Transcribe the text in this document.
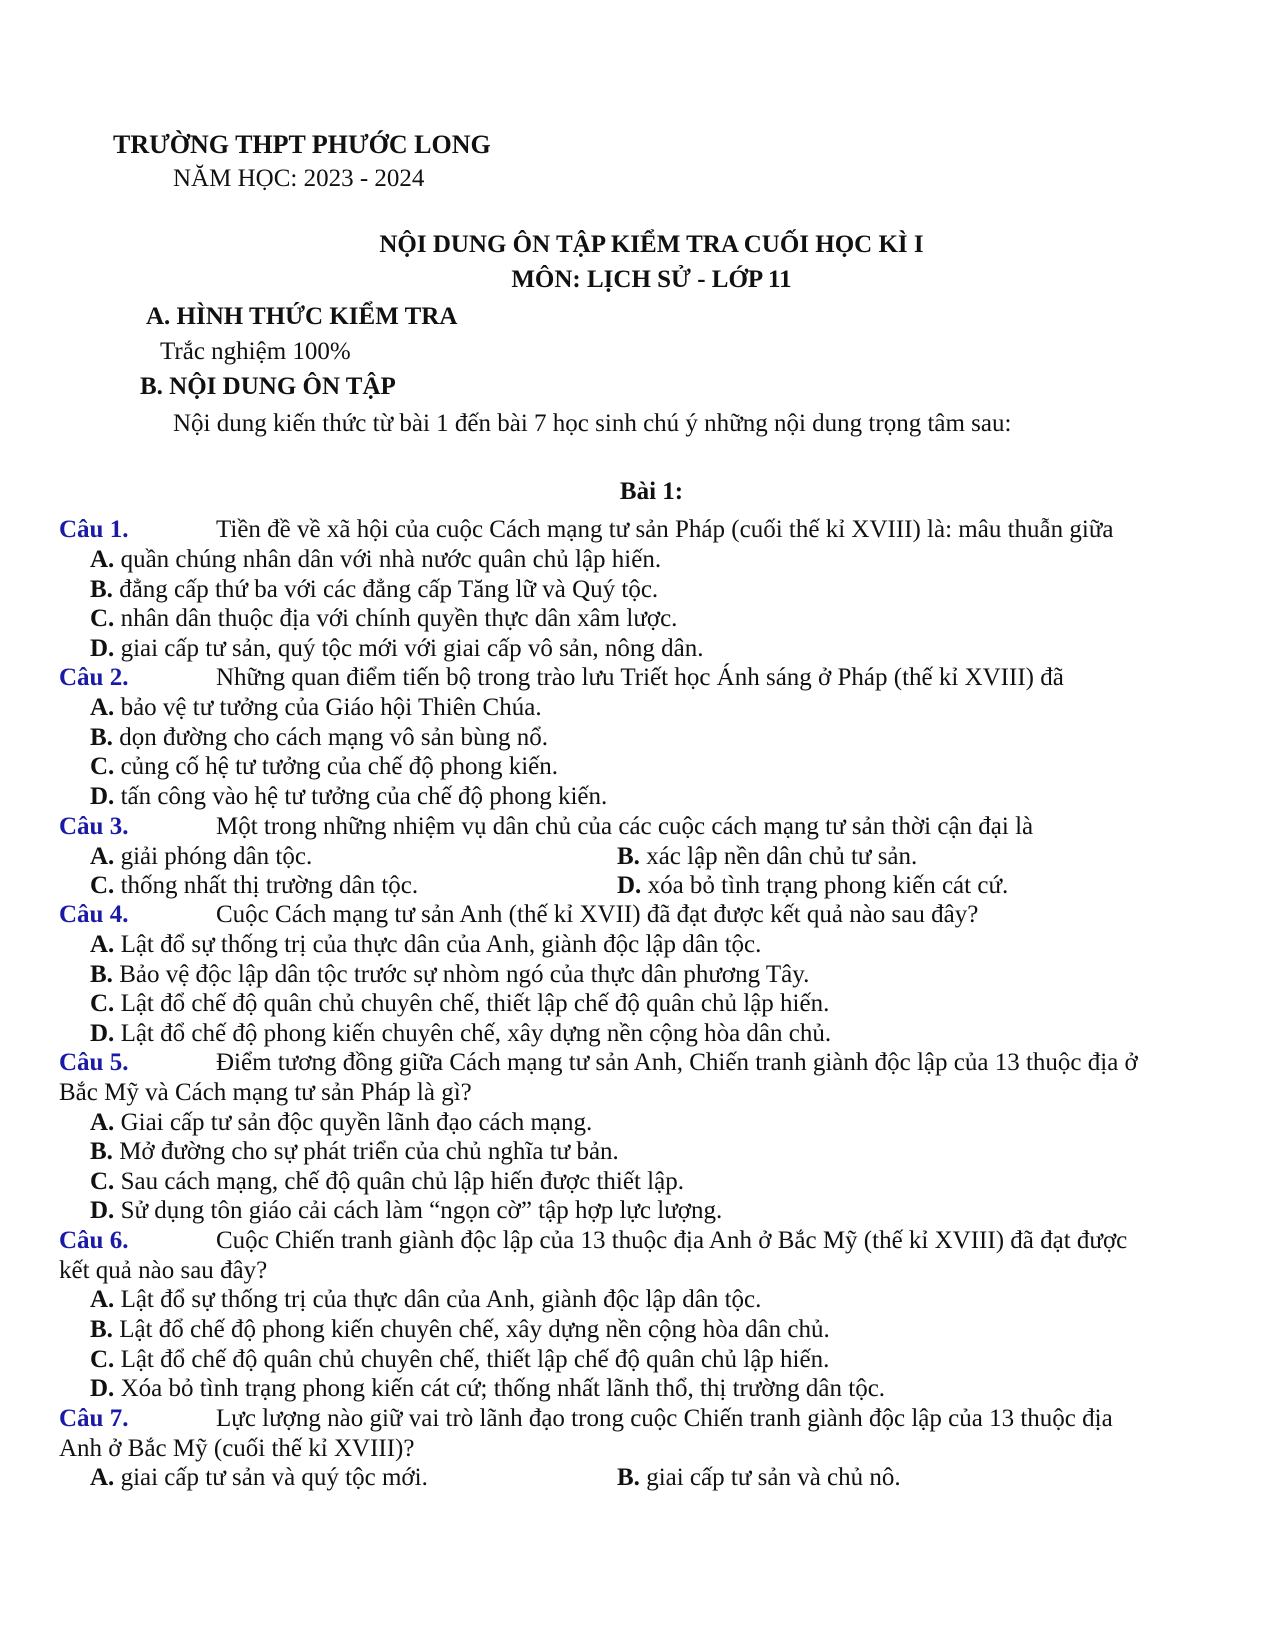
TRƯỜNG THPT PHƯỚC LONG
NĂM HỌC: 2023 - 2024
NỘI DUNG ÔN TẬP KIỂM TRA CUỐI HỌC KÌ I
MÔN: LỊCH SỬ - LỚP 11
A. HÌNH THỨC KIỂM TRA
Trắc nghiệm 100%
B. NỘI DUNG ÔN TẬP
Nội dung kiến thức từ bài 1 đến bài 7 học sinh chú ý những nội dung trọng tâm sau:
Bài 1:
Câu 1.	Tiền đề về xã hội của cuộc Cách mạng tư sản Pháp (cuối thế kỉ XVIII) là: mâu thuẫn giữa
A. quần chúng nhân dân với nhà nước quân chủ lập hiến.
B. đẳng cấp thứ ba với các đẳng cấp Tăng lữ và Quý tộc.
C. nhân dân thuộc địa với chính quyền thực dân xâm lược.
D. giai cấp tư sản, quý tộc mới với giai cấp vô sản, nông dân.
Câu 2.	Những quan điểm tiến bộ trong trào lưu Triết học Ánh sáng ở Pháp (thế kỉ XVIII) đã
A. bảo vệ tư tưởng của Giáo hội Thiên Chúa.
B. dọn đường cho cách mạng vô sản bùng nổ.
C. củng cố hệ tư tưởng của chế độ phong kiến.
D. tấn công vào hệ tư tưởng của chế độ phong kiến.
Câu 3.	Một trong những nhiệm vụ dân chủ của các cuộc cách mạng tư sản thời cận đại là
A. giải phóng dân tộc.	B. xác lập nền dân chủ tư sản.
C. thống nhất thị trường dân tộc.	D. xóa bỏ tình trạng phong kiến cát cứ.
Câu 4.	Cuộc Cách mạng tư sản Anh (thế kỉ XVII) đã đạt được kết quả nào sau đây?
A. Lật đổ sự thống trị của thực dân của Anh, giành độc lập dân tộc.
B. Bảo vệ độc lập dân tộc trước sự nhòm ngó của thực dân phương Tây.
C. Lật đổ chế độ quân chủ chuyên chế, thiết lập chế độ quân chủ lập hiến.
D. Lật đổ chế độ phong kiến chuyên chế, xây dựng nền cộng hòa dân chủ.
Câu 5.	Điểm tương đồng giữa Cách mạng tư sản Anh, Chiến tranh giành độc lập của 13 thuộc địa ở
Bắc Mỹ và Cách mạng tư sản Pháp là gì?
A. Giai cấp tư sản độc quyền lãnh đạo cách mạng.
B. Mở đường cho sự phát triển của chủ nghĩa tư bản.
C. Sau cách mạng, chế độ quân chủ lập hiến được thiết lập.
D. Sử dụng tôn giáo cải cách làm “ngọn cờ” tập hợp lực lượng.
Câu 6.	Cuộc Chiến tranh giành độc lập của 13 thuộc địa Anh ở Bắc Mỹ (thế kỉ XVIII) đã đạt được
kết quả nào sau đây?
A. Lật đổ sự thống trị của thực dân của Anh, giành độc lập dân tộc.
B. Lật đổ chế độ phong kiến chuyên chế, xây dựng nền cộng hòa dân chủ.
C. Lật đổ chế độ quân chủ chuyên chế, thiết lập chế độ quân chủ lập hiến.
D. Xóa bỏ tình trạng phong kiến cát cứ; thống nhất lãnh thổ, thị trường dân tộc.
Câu 7.	Lực lượng nào giữ vai trò lãnh đạo trong cuộc Chiến tranh giành độc lập của 13 thuộc địa
Anh ở Bắc Mỹ (cuối thế kỉ XVIII)?
A. giai cấp tư sản và quý tộc mới.	B. giai cấp tư sản và chủ nô.
